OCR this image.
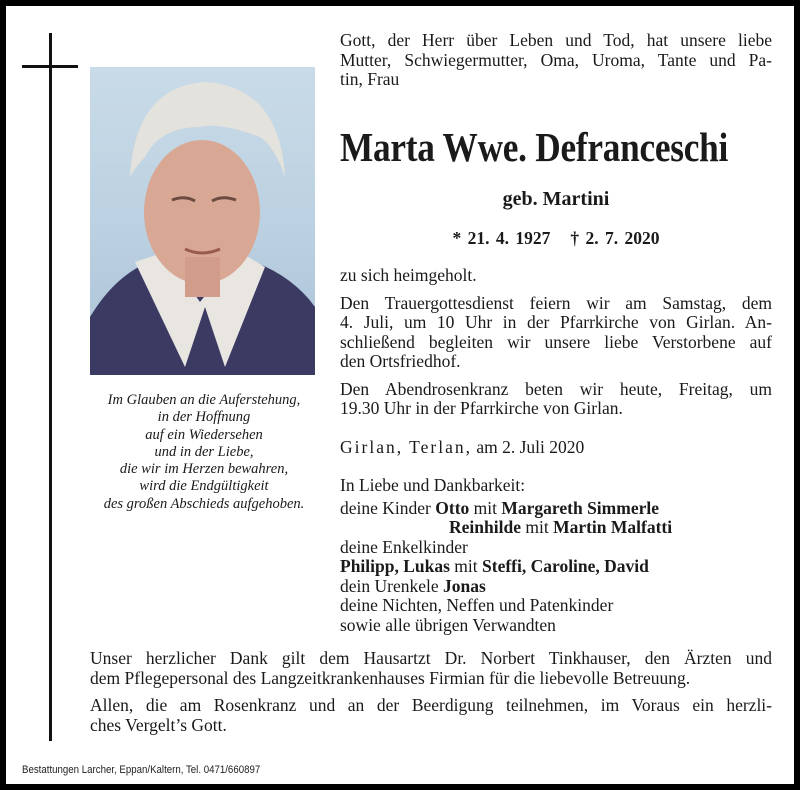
Im Glauben an die Auferstehung,
in der Hoffnung
auf ein Wiedersehen
und in der Liebe,
die wir im Herzen bewahren,
wird die Endgültigkeit
des großen Abschieds aufgehoben.
Gott, der Herr über Leben und Tod, hat unsere liebe
Mutter, Schwiegermutter, Oma, Uroma, Tante und Pa-
tin, Frau
Marta Wwe. Defranceschi
geb. Martini
* 21. 4. 1927 † 2. 7. 2020
zu sich heimgeholt.
Den Trauergottesdienst feiern wir am Samstag, dem
4. Juli, um 10 Uhr in der Pfarrkirche von Girlan. An-
schließend begleiten wir unsere liebe Verstorbene auf
den Ortsfriedhof.
Den Abendrosenkranz beten wir heute, Freitag, um
19.30 Uhr in der Pfarrkirche von Girlan.
Girlan, Terlan, am 2. Juli 2020
In Liebe und Dankbarkeit:
deine Kinder Otto mit Margareth Simmerle
Reinhilde mit Martin Malfatti
deine Enkelkinder
Philipp, Lukas mit Steffi, Caroline, David
dein Urenkele Jonas
deine Nichten, Neffen und Patenkinder
sowie alle übrigen Verwandten
Unser herzlicher Dank gilt dem Hausartzt Dr. Norbert Tinkhauser, den Ärzten und
dem Pflegepersonal des Langzeitkrankenhauses Firmian für die liebevolle Betreuung.
Allen, die am Rosenkranz und an der Beerdigung teilnehmen, im Voraus ein herzli-
ches Vergelt’s Gott.
Bestattungen Larcher, Eppan/Kaltern, Tel. 0471/660897
